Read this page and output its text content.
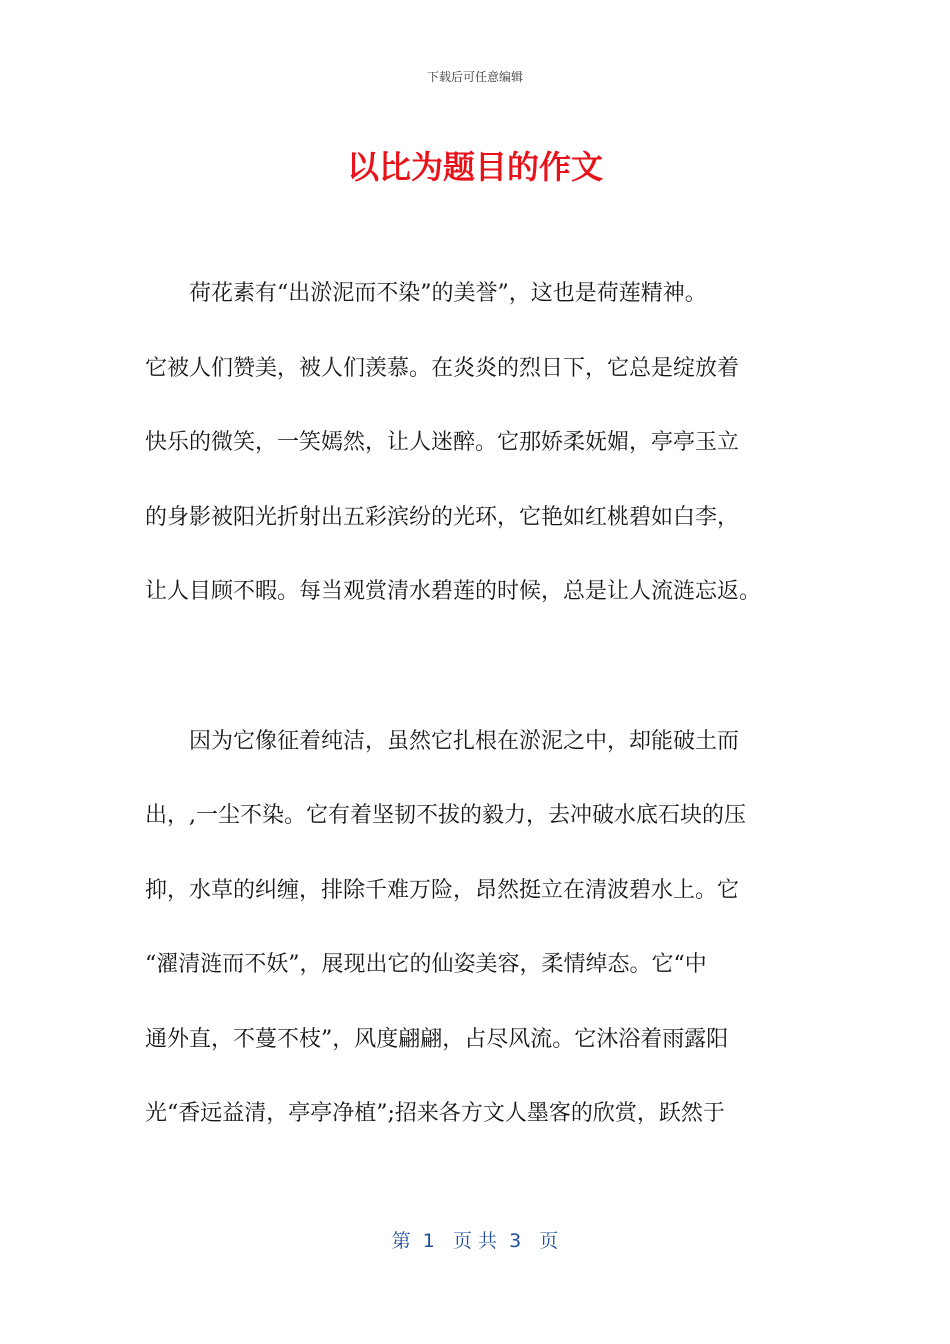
下载后可任意编辑
以比为题目的作文
　　荷花素有“出淤泥而不染”的美誉”，这也是荷莲精神。
它被人们赞美，被人们羡慕。在炎炎的烈日下，它总是绽放着
快乐的微笑，一笑嫣然，让人迷醉。它那娇柔妩媚，亭亭玉立
的身影被阳光折射出五彩滨纷的光环，它艳如红桃碧如白李，
让人目顾不暇。每当观赏清水碧莲的时候，总是让人流涟忘返。
　　因为它像征着纯洁，虽然它扎根在淤泥之中，却能破土而
出，,一尘不染。它有着坚韧不拔的毅力，去冲破水底石块的压
抑，水草的纠缠，排除千难万险，昂然挺立在清波碧水上。它
“濯清涟而不妖”，展现出它的仙姿美容，柔情绰态。它“中
通外直，不蔓不枝”，风度翩翩，占尽风流。它沐浴着雨露阳
光“香远益清，亭亭净植”;招来各方文人墨客的欣赏，跃然于
第  1   页 共  3   页
